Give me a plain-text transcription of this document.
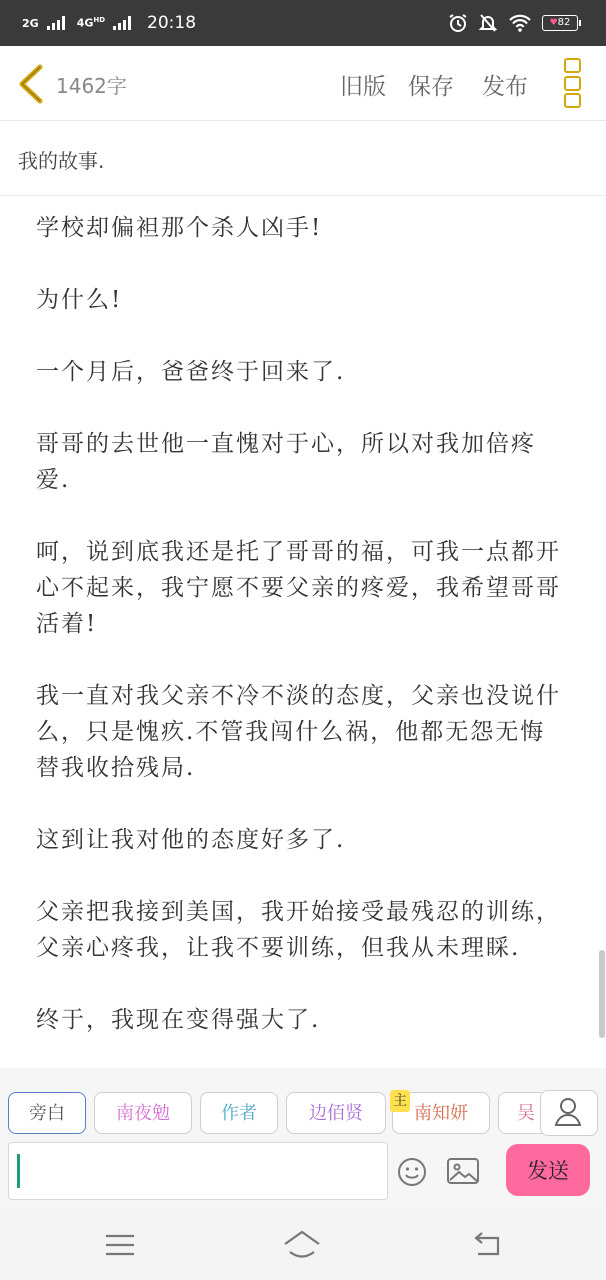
2G	$4G^{HD}$ 20:18	♥82
1462字	旧版 保存 发布
我的故事.

学校却偏袒那个杀人凶手!

为什么!

一个月后，爸爸终于回来了.

哥哥的去世他一直愧对于心，所以对我加倍疼爱.

呵，说到底我还是托了哥哥的福，可我一点都开心不起来，我宁愿不要父亲的疼爱，我希望哥哥活着!

我一直对我父亲不冷不淡的态度，父亲也没说什么，只是愧疚.不管我闯什么祸，他都无怨无悔替我收拾残局.

这到让我对他的态度好多了.

父亲把我接到美国，我开始接受最残忍的训练，父亲心疼我，让我不要训练，但我从未理睬.

终于，我现在变得强大了.

旁白	南夜勉	作者	边佰贤	南知妍	吴
主
发送
